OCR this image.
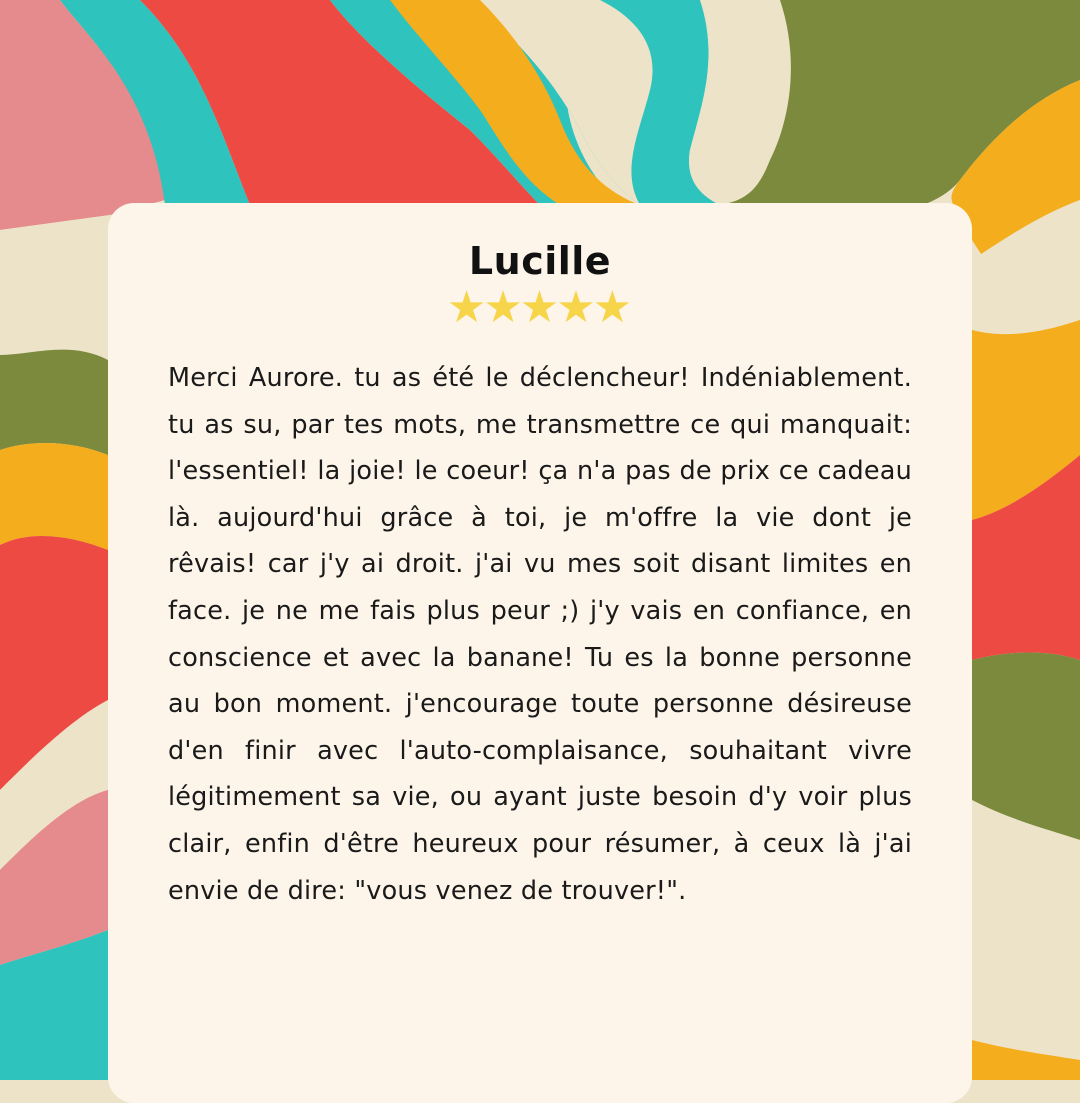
Lucille
★★★★★

Merci Aurore. tu as été le déclencheur! Indéniablement. tu as su, par tes mots, me transmettre ce qui manquait: l'essentiel! la joie! le coeur! ça n'a pas de prix ce cadeau là. aujourd'hui grâce à toi, je m'offre la vie dont je rêvais! car j'y ai droit. j'ai vu mes soit disant limites en face. je ne me fais plus peur ;) j'y vais en confiance, en conscience et avec la banane! Tu es la bonne personne au bon moment. j'encourage toute personne désireuse d'en finir avec l'auto-complaisance, souhaitant vivre légitimement sa vie, ou ayant juste besoin d'y voir plus clair, enfin d'être heureux pour résumer, à ceux là j'ai envie de dire: "vous venez de trouver!".
